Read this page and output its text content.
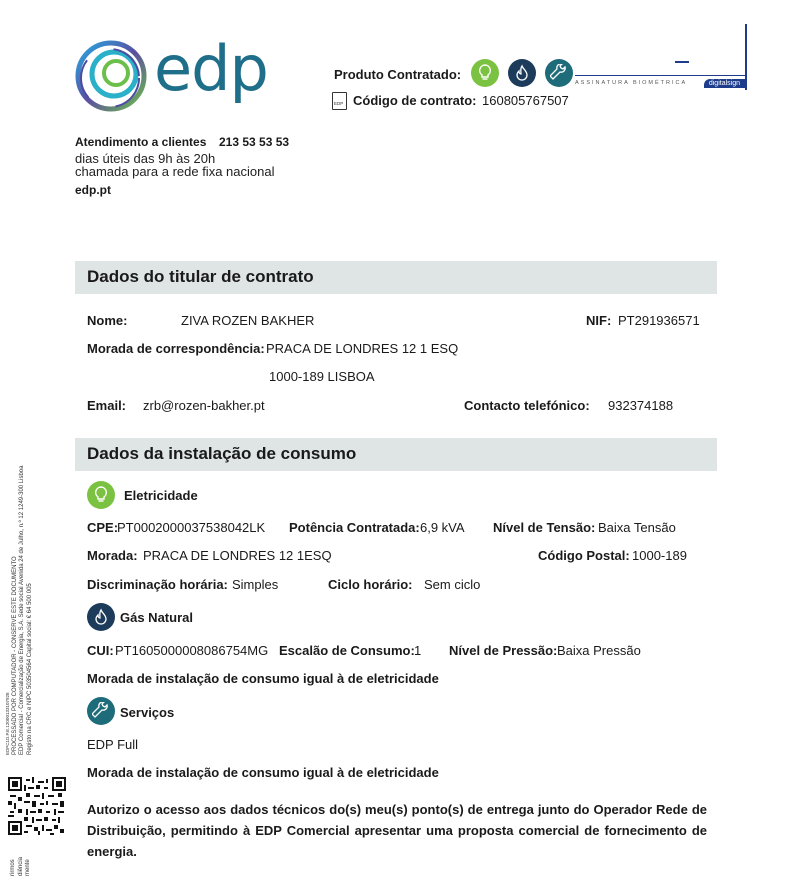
edp	Produto Contratado:
ASSINATURA BIOMÉTRICA	digitalsign
EDP Código de contrato: 160805767507
Atendimento a clientes 213 53 53 53
dias úteis das 9h às 20h
chamada para a rede fixa nacional
edp.pt
Dados do titular de contrato
Nome:	ZIVA ROZEN BAKHER	NIF: PT291936571
Morada de correspondência: PRACA DE LONDRES 12 1 ESQ
1000-189 LISBOA
Email: zrb@rozen-bakher.pt	Contacto telefónico: 932374188
Dados da instalação de consumo
Eletricidade
CPE:
PT0002000037538042LK Potência Contratada: 6,9 kVA Nível de Tensão: Baixa Tensão
Morada: PRACA DE LONDRES 12 1ESQ	Código Postal: 1000-189
Discriminação horária: Simples	Ciclo horário: Sem ciclo
Gás Natural
CUI: PT1605000008086754MG Escalão de Consumo: 1 Nível de Pressão: Baixa Pressão
Morada de instalação de consumo igual à de eletricidade
Serviços
EDP Full
Morada de instalação de consumo igual à de eletricidade
Autorizo o acesso aos dados técnicos do(s) meu(s) ponto(s) de entrega junto do Operador Rede de Distribuição, permitindo à EDP Comercial apresentar uma proposta comercial de fornecimento de energia.
EDPC1D.P.E.12000133107928 PROCESSADO POR COMPUTADOR - CONSERVE ESTE DOCUMENTO EDP Comercial - Comercialização de Energia, S.A. Sede social Avenida 24 de Julho, n.º 12 1249-300 Lisboa Registo na CRC e NIPC 503504564 Capital social: € 64 500 005
rirmos diência mente
